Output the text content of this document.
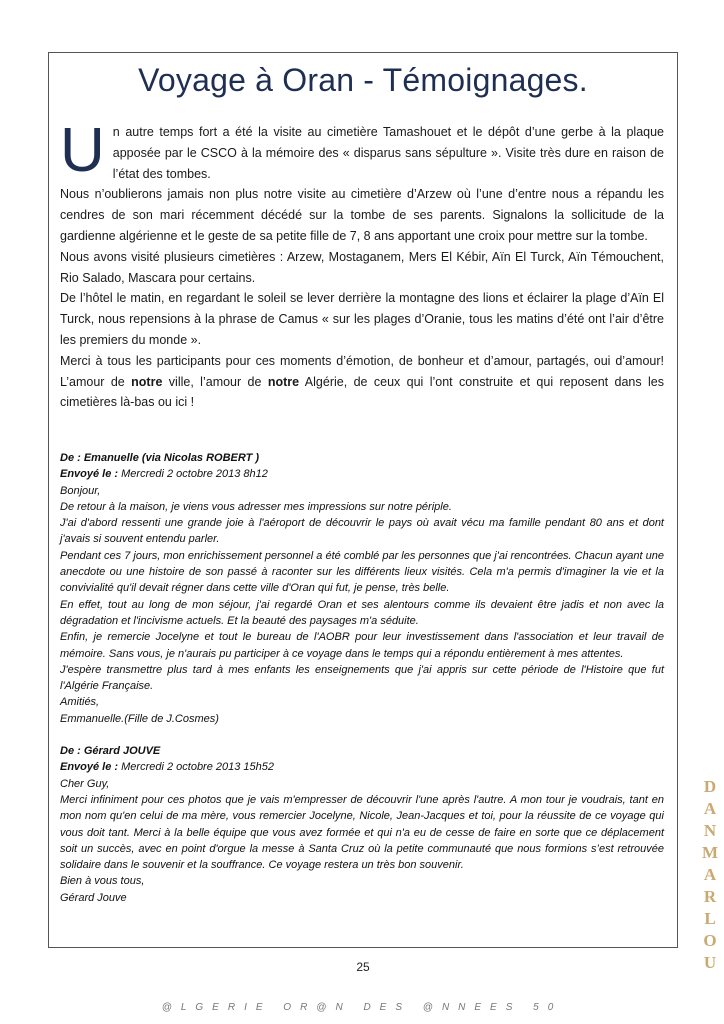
Voyage à Oran - Témoignages.

Un autre temps fort a été la visite au cimetière Tamashouet et le dépôt d’une gerbe à la plaque apposée par le CSCO à la mémoire des « disparus sans sépulture ». Visite très dure en raison de l’état des tombes.

Nous n’oublierons jamais non plus notre visite au cimetière d’Arzew où l’une d’entre nous a répandu les cendres de son mari récemment décédé sur la tombe de ses parents. Signalons la sollicitude de la gardienne algérienne et le geste de sa petite fille de 7, 8 ans apportant une croix pour mettre sur la tombe.

Nous avons visité plusieurs cimetières : Arzew, Mostaganem, Mers El Kébir, Aïn El Turck, Aïn Témouchent, Rio Salado, Mascara pour certains.

De l’hôtel le matin, en regardant le soleil se lever derrière la montagne des lions et éclairer la plage d’Aïn El Turck, nous repensions à la phrase de Camus « sur les plages d’Oranie, tous les matins d’été ont l’air d’être les premiers du monde ».

Merci à tous les participants pour ces moments d’émotion, de bonheur et d’amour, partagés, oui d’amour! L’amour de notre ville, l’amour de notre Algérie, de ceux qui l’ont construite et qui reposent dans les cimetières là-bas ou ici !

De : Emanuelle (via Nicolas ROBERT )

Envoyé le : Mercredi 2 octobre 2013 8h12

Bonjour,

De retour à la maison, je viens vous adresser mes impressions sur notre périple.

J'ai d'abord ressenti une grande joie à l'aéroport de découvrir le pays où avait vécu ma famille pendant 80 ans et dont j'avais si souvent entendu parler.

Pendant ces 7 jours, mon enrichissement personnel a été comblé par les personnes que j'ai rencontrées. Chacun ayant une anecdote ou une histoire de son passé à raconter sur les différents lieux visités. Cela m'a permis d'imaginer la vie et la convivialité qu'il devait régner dans cette ville d'Oran qui fut, je pense, très belle.

En effet, tout au long de mon séjour, j'ai regardé Oran et ses alentours comme ils devaient être jadis et non avec la dégradation et l'incivisme actuels. Et la beauté des paysages m'a séduite.

Enfin, je remercie Jocelyne et tout le bureau de l'AOBR pour leur investissement dans l'association et leur travail de mémoire. Sans vous, je n'aurais pu participer à ce voyage dans le temps qui a répondu entièrement à mes attentes.

J'espère transmettre plus tard à mes enfants les enseignements que j'ai appris sur cette période de l'Histoire que fut l'Algérie Française.

Amitiés,

Emmanuelle.(Fille de J.Cosmes)

De : Gérard JOUVE

Envoyé le : Mercredi 2 octobre 2013 15h52

Cher Guy,

Merci infiniment pour ces photos que je vais m'empresser de découvrir l'une après l'autre. A mon tour je voudrais, tant en mon nom qu'en celui de ma mère, vous remercier Jocelyne, Nicole, Jean-Jacques et toi, pour la réussite de ce voyage qui vous doit tant. Merci à la belle équipe que vous avez formée et qui n'a eu de cesse de faire en sorte que ce déplacement soit un succès, avec en point d'orgue la messe à Santa Cruz où la petite communauté que nous formions s’est retrouvée solidaire dans le souvenir et la souffrance. Ce voyage restera un très bon souvenir.

Bien à vous tous,

Gérard Jouve

25
@LGERIE OR@N DES @NNEES 50
D
A
N
M
A
R
L
O
U
